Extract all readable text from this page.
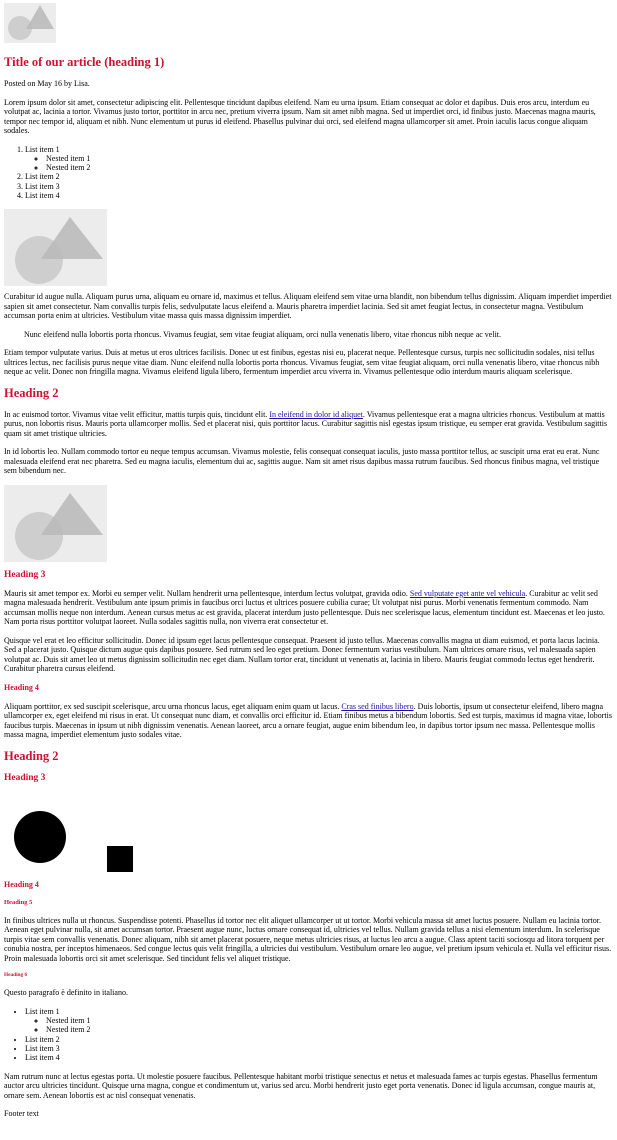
Title of our article (heading 1)

Posted on May 16 by Lisa.

Lorem ipsum dolor sit amet, consectetur adipiscing elit. Pellentesque tincidunt dapibus eleifend. Nam eu urna ipsum. Etiam consequat ac dolor et dapibus. Duis eros arcu, interdum eu volutpat ac, lacinia a tortor. Vivamus justo tortor, porttitor in arcu nec, pretium viverra ipsum. Nam sit amet nibh magna. Sed ut imperdiet orci, id finibus justo. Maecenas magna mauris, tempor nec tempor id, aliquam et nibh. Nunc elementum ut purus id eleifend. Phasellus pulvinar dui orci, sed eleifend magna ullamcorper sit amet. Proin iaculis lacus congue aliquam sodales.

1. List item 1
◦ Nested item 1
◦ Nested item 2
2. List item 2
3. List item 3
4. List item 4

Curabitur id augue nulla. Aliquam purus urna, aliquam eu ornare id, maximus et tellus. Aliquam eleifend sem vitae urna blandit, non bibendum tellus dignissim. Aliquam imperdiet imperdiet sapien sit amet consectetur. Nam convallis turpis felis, sedvulputate lacus eleifend a. Mauris pharetra imperdiet lacinia. Sed sit amet feugiat lectus, in consectetur magna. Vestibulum accumsan porta enim at ultricies. Vestibulum vitae massa quis massa dignissim imperdiet.

Nunc eleifend nulla lobortis porta rhoncus. Vivamus feugiat, sem vitae feugiat aliquam, orci nulla venenatis libero, vitae rhoncus nibh neque ac velit.

Etiam tempor vulputate varius. Duis at metus ut eros ultrices facilisis. Donec ut est finibus, egestas nisi eu, placerat neque. Pellentesque cursus, turpis nec sollicitudin sodales, nisi tellus ultrices lectus, nec facilisis purus neque vitae diam. Nunc eleifend nulla lobortis porta rhoncus. Vivamus feugiat, sem vitae feugiat aliquam, orci nulla venenatis libero, vitae rhoncus nibh neque ac velit. Donec non fringilla magna. Vivamus eleifend ligula libero, fermentum imperdiet arcu viverra in. Vivamus pellentesque odio interdum mauris aliquam scelerisque.

Heading 2

In ac euismod tortor. Vivamus vitae velit efficitur, mattis turpis quis, tincidunt elit. In eleifend in dolor id aliquet. Vivamus pellentesque erat a magna ultricies rhoncus. Vestibulum at mattis purus, non lobortis risus. Mauris porta ullamcorper mollis. Sed et placerat nisi, quis porttitor lacus. Curabitur sagittis nisl egestas ipsum tristique, eu semper erat gravida. Vestibulum sagittis quam sit amet tristique ultricies.

In id lobortis leo. Nullam commodo tortor eu neque tempus accumsan. Vivamus molestie, felis consequat consequat iaculis, justo massa porttitor tellus, ac suscipit urna erat eu erat. Nunc malesuada eleifend erat nec pharetra. Sed eu magna iaculis, elementum dui ac, sagittis augue. Nam sit amet risus dapibus massa rutrum faucibus. Sed rhoncus finibus magna, vel tristique sem bibendum nec.

Heading 3

Mauris sit amet tempor ex. Morbi eu semper velit. Nullam hendrerit urna pellentesque, interdum lectus volutpat, gravida odio. Sed vulputate eget ante vel vehicula. Curabitur ac velit sed magna malesuada hendrerit. Vestibulum ante ipsum primis in faucibus orci luctus et ultrices posuere cubilia curae; Ut volutpat nisi purus. Morbi venenatis fermentum commodo. Nam accumsan mollis neque non interdum. Aenean cursus metus ac est gravida, placerat interdum justo pellentesque. Duis nec scelerisque lacus, elementum tincidunt est. Maecenas et leo justo. Nam porta risus porttitor volutpat laoreet. Nulla sodales sagittis nulla, non viverra erat consectetur et.

Quisque vel erat et leo efficitur sollicitudin. Donec id ipsum eget lacus pellentesque consequat. Praesent id justo tellus. Maecenas convallis magna ut diam euismod, et porta lacus lacinia. Sed a placerat justo. Quisque dictum augue quis dapibus posuere. Sed rutrum sed leo eget pretium. Donec fermentum varius vestibulum. Nam ultrices ornare risus, vel malesuada sapien volutpat ac. Duis sit amet leo ut metus dignissim sollicitudin nec eget diam. Nullam tortor erat, tincidunt ut venenatis at, lacinia in libero. Mauris feugiat commodo lectus eget hendrerit. Curabitur pharetra cursus eleifend.

Heading 4

Aliquam porttitor, ex sed suscipit scelerisque, arcu urna rhoncus lacus, eget aliquam enim quam ut lacus. Cras sed finibus libero. Duis lobortis, ipsum ut consectetur eleifend, libero magna ullamcorper ex, eget eleifend mi risus in erat. Ut consequat nunc diam, et convallis orci efficitur id. Etiam finibus metus a bibendum lobortis. Sed est turpis, maximus id magna vitae, lobortis faucibus turpis. Maecenas in ipsum ut nibh dignissim venenatis. Aenean laoreet, arcu a ornare feugiat, augue enim bibendum leo, in dapibus tortor ipsum nec massa. Pellentesque mollis massa magna, imperdiet elementum justo sodales vitae.

Heading 2
Heading 3
Heading 4
Heading 5

In finibus ultrices nulla ut rhoncus. Suspendisse potenti. Phasellus id tortor nec elit aliquet ullamcorper ut ut tortor. Morbi vehicula massa sit amet luctus posuere. Nullam eu lacinia tortor. Aenean eget pulvinar nulla, sit amet accumsan tortor. Praesent augue nunc, luctus ornare consequat id, ultricies vel tellus. Nullam gravida tellus a nisi elementum interdum. In scelerisque turpis vitae sem convallis venenatis. Donec aliquam, nibh sit amet placerat posuere, neque metus ultricies risus, at luctus leo arcu a augue. Class aptent taciti sociosqu ad litora torquent per conubia nostra, per inceptos himenaeos. Sed congue lectus quis velit fringilla, a ultricies dui vestibulum. Vestibulum ornare leo augue, vel pretium ipsum vehicula et. Nulla vel efficitur risus. Proin malesuada lobortis orci sit amet scelerisque. Sed tincidunt felis vel aliquet tristique.

Heading 6

Questo paragrafo è definito in italiano.

• List item 1
◦ Nested item 1
◦ Nested item 2
• List item 2
• List item 3
• List item 4

Nam rutrum nunc at lectus egestas porta. Ut molestie posuere faucibus. Pellentesque habitant morbi tristique senectus et netus et malesuada fames ac turpis egestas. Phasellus fermentum auctor arcu ultricies tincidunt. Quisque urna magna, congue et condimentum ut, varius sed arcu. Morbi hendrerit justo eget porta venenatis. Donec id ligula accumsan, congue mauris at, ornare sem. Aenean lobortis est ac nisl consequat venenatis.

Footer text
